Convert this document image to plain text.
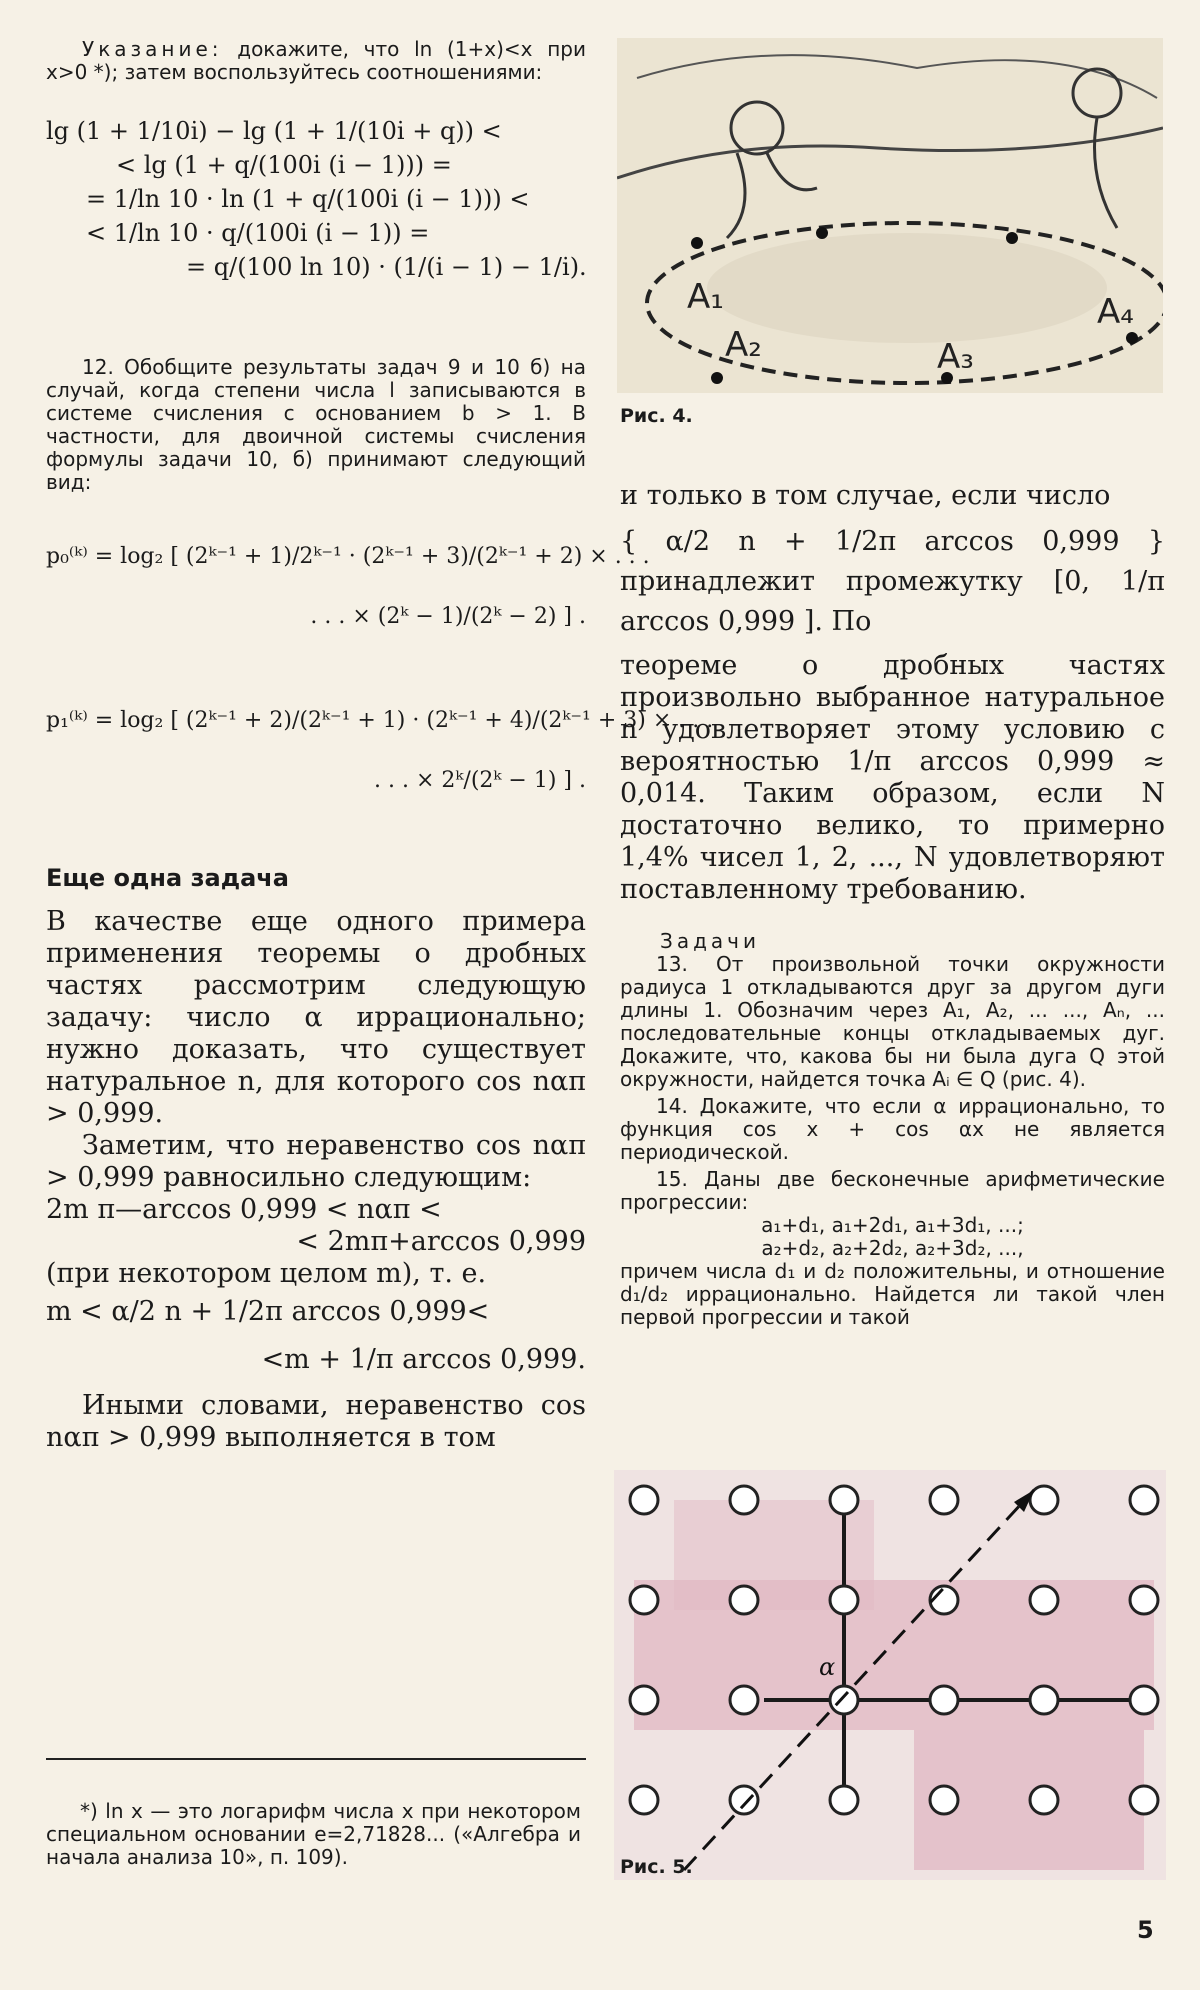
Указание: докажите, что ln (1+x)<x при x>0 *); затем воспользуйтесь соотношениями:

lg (1 + 1/10i) − lg (1 + 1/(10i + q)) <
< lg (1 + q/(100i (i − 1))) =
= 1/ln 10 · ln (1 + q/(100i (i − 1))) <
< 1/ln 10 · q/(100i (i − 1)) =
= q/(100 ln 10) · (1/(i − 1) − 1/i).

12. Обобщите результаты задач 9 и 10 б) на случай, когда степени числа l записываются в системе счисления с основанием b > 1. В частности, для двоичной системы счисления формулы задачи 10, б) принимают следующий вид:

p₀⁽ᵏ⁾ = log₂ [ (2ᵏ⁻¹ + 1)/2ᵏ⁻¹ · (2ᵏ⁻¹ + 3)/(2ᵏ⁻¹ + 2) × . . .
. . . × (2ᵏ − 1)/(2ᵏ − 2) ] .
p₁⁽ᵏ⁾ = log₂ [ (2ᵏ⁻¹ + 2)/(2ᵏ⁻¹ + 1) · (2ᵏ⁻¹ + 4)/(2ᵏ⁻¹ + 3) × . . .
. . . × 2ᵏ/(2ᵏ − 1) ] .
Еще одна задача

В качестве еще одного примера применения теоремы о дробных частях рассмотрим следующую задачу: число α иррационально; нужно доказать, что существует натуральное n, для которого cos nαπ > 0,999.

Заметим, что неравенство cos nαπ > 0,999 равносильно следующим:

2m π—arccos 0,999 < nαπ <
< 2mπ+arccos 0,999

(при некотором целом m), т. е.

m < α/2 n + 1/2π arccos 0,999<
<m + 1/π arccos 0,999.

Иными словами, неравенство cos nαπ > 0,999 выполняется в том

*) ln x — это логарифм числа x при некотором специальном основании e=2,71828... («Алгебра и начала анализа 10», п. 109).

A₁
A₂	A₃
A₄
Рис. 4.

и только в том случае, если число

{ α/2 n + 1/2π arccos 0,999 } принадлежит промежутку [0, 1/π arccos 0,999 ]. По

теореме о дробных частях произвольно выбранное натуральное n удовлетворяет этому условию с вероятностью 1/π arccos 0,999 ≈ 0,014. Таким образом, если N достаточно велико, то примерно 1,4% чисел 1, 2, ..., N удовлетворяют поставленному требованию.

Задачи

13. От произвольной точки окружности радиуса 1 откладываются друг за другом дуги длины 1. Обозначим через A₁, A₂, ... ..., Aₙ, ... последовательные концы откладываемых дуг. Докажите, что, какова бы ни была дуга Q этой окружности, найдется точка Aᵢ ∈ Q (рис. 4).

14. Докажите, что если α иррационально, то функция cos x + cos αx не является периодической.

15. Даны две бесконечные арифметические прогрессии:

a₁+d₁, a₁+2d₁, a₁+3d₁, ...;
a₂+d₂, a₂+2d₂, a₂+3d₂, ...,

причем числа d₁ и d₂ положительны, и отношение d₁/d₂ иррационально. Найдется ли такой член первой прогрессии и такой

α
Рис. 5.
5
